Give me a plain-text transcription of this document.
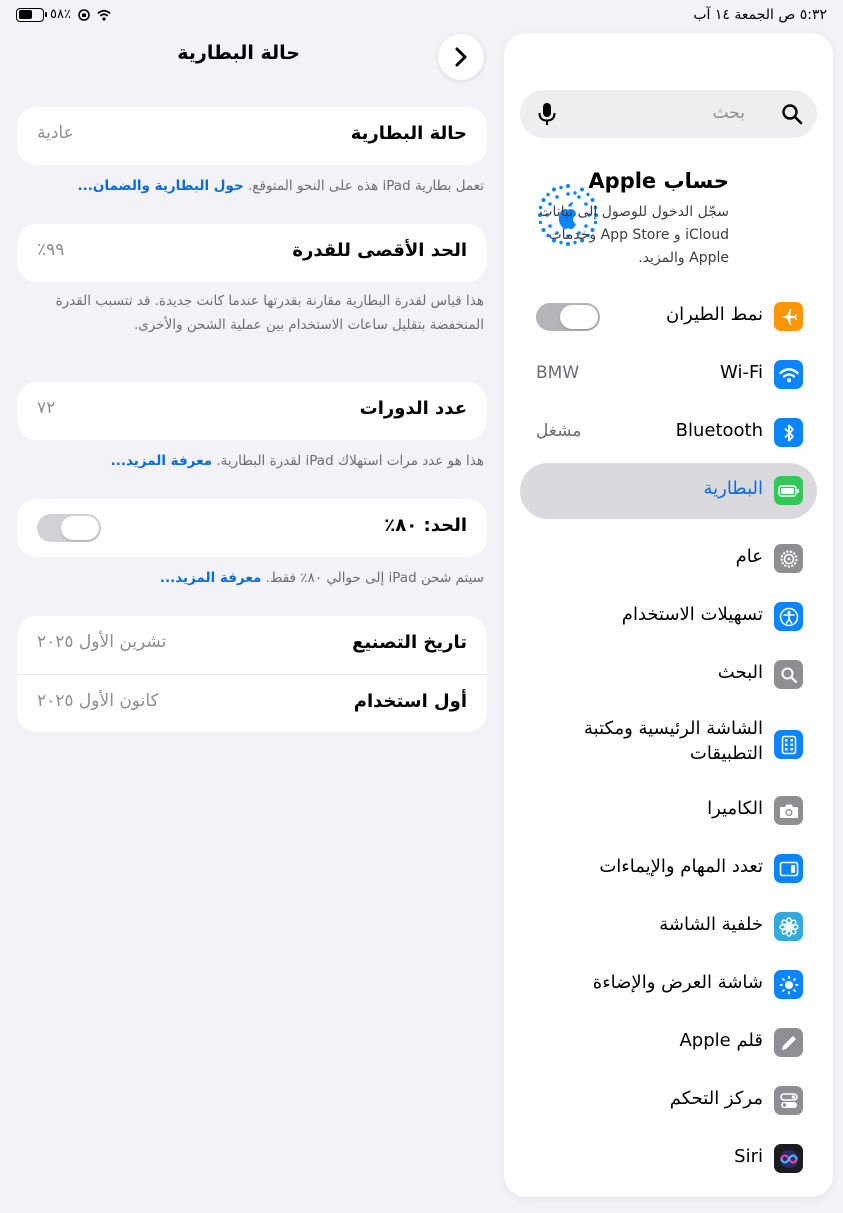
٥٨٪	٥:٣٢ ص الجمعة ١٤ آب
حالة البطارية
حالة البطارية
عادية
تعمل بطارية iPad هذه على النحو المتوقع. حول البطارية والضمان...
الحد الأقصى للقدرة
٩٩٪
هذا قياس لقدرة البطارية مقارنة بقدرتها عندما كانت جديدة. قد تتسبب القدرة المنخفضة بتقليل ساعات الاستخدام بين عملية الشحن والأخرى.
عدد الدورات
٧٢
هذا هو عدد مرات استهلاك iPad لقدرة البطارية. معرفة المزيد...
الحد: ٨٠٪
سيتم شحن iPad إلى حوالي ٨٠٪ فقط. معرفة المزيد...
تاريخ التصنيع
تشرين الأول ٢٠٢٥
أول استخدام
كانون الأول ٢٠٢٥
بحث
حساب Apple
سجّل الدخول للوصول إلى بيانات iCloud و App Store وخدمات Apple والمزيد.
نمط الطيران
Wi-Fi
BMW
Bluetooth
مشغل
البطارية
عام
تسهيلات الاستخدام
البحث
الشاشة الرئيسية ومكتبة التطبيقات
الكاميرا
تعدد المهام والإيماءات
خلفية الشاشة
شاشة العرض والإضاءة
قلم Apple
مركز التحكم
Siri
